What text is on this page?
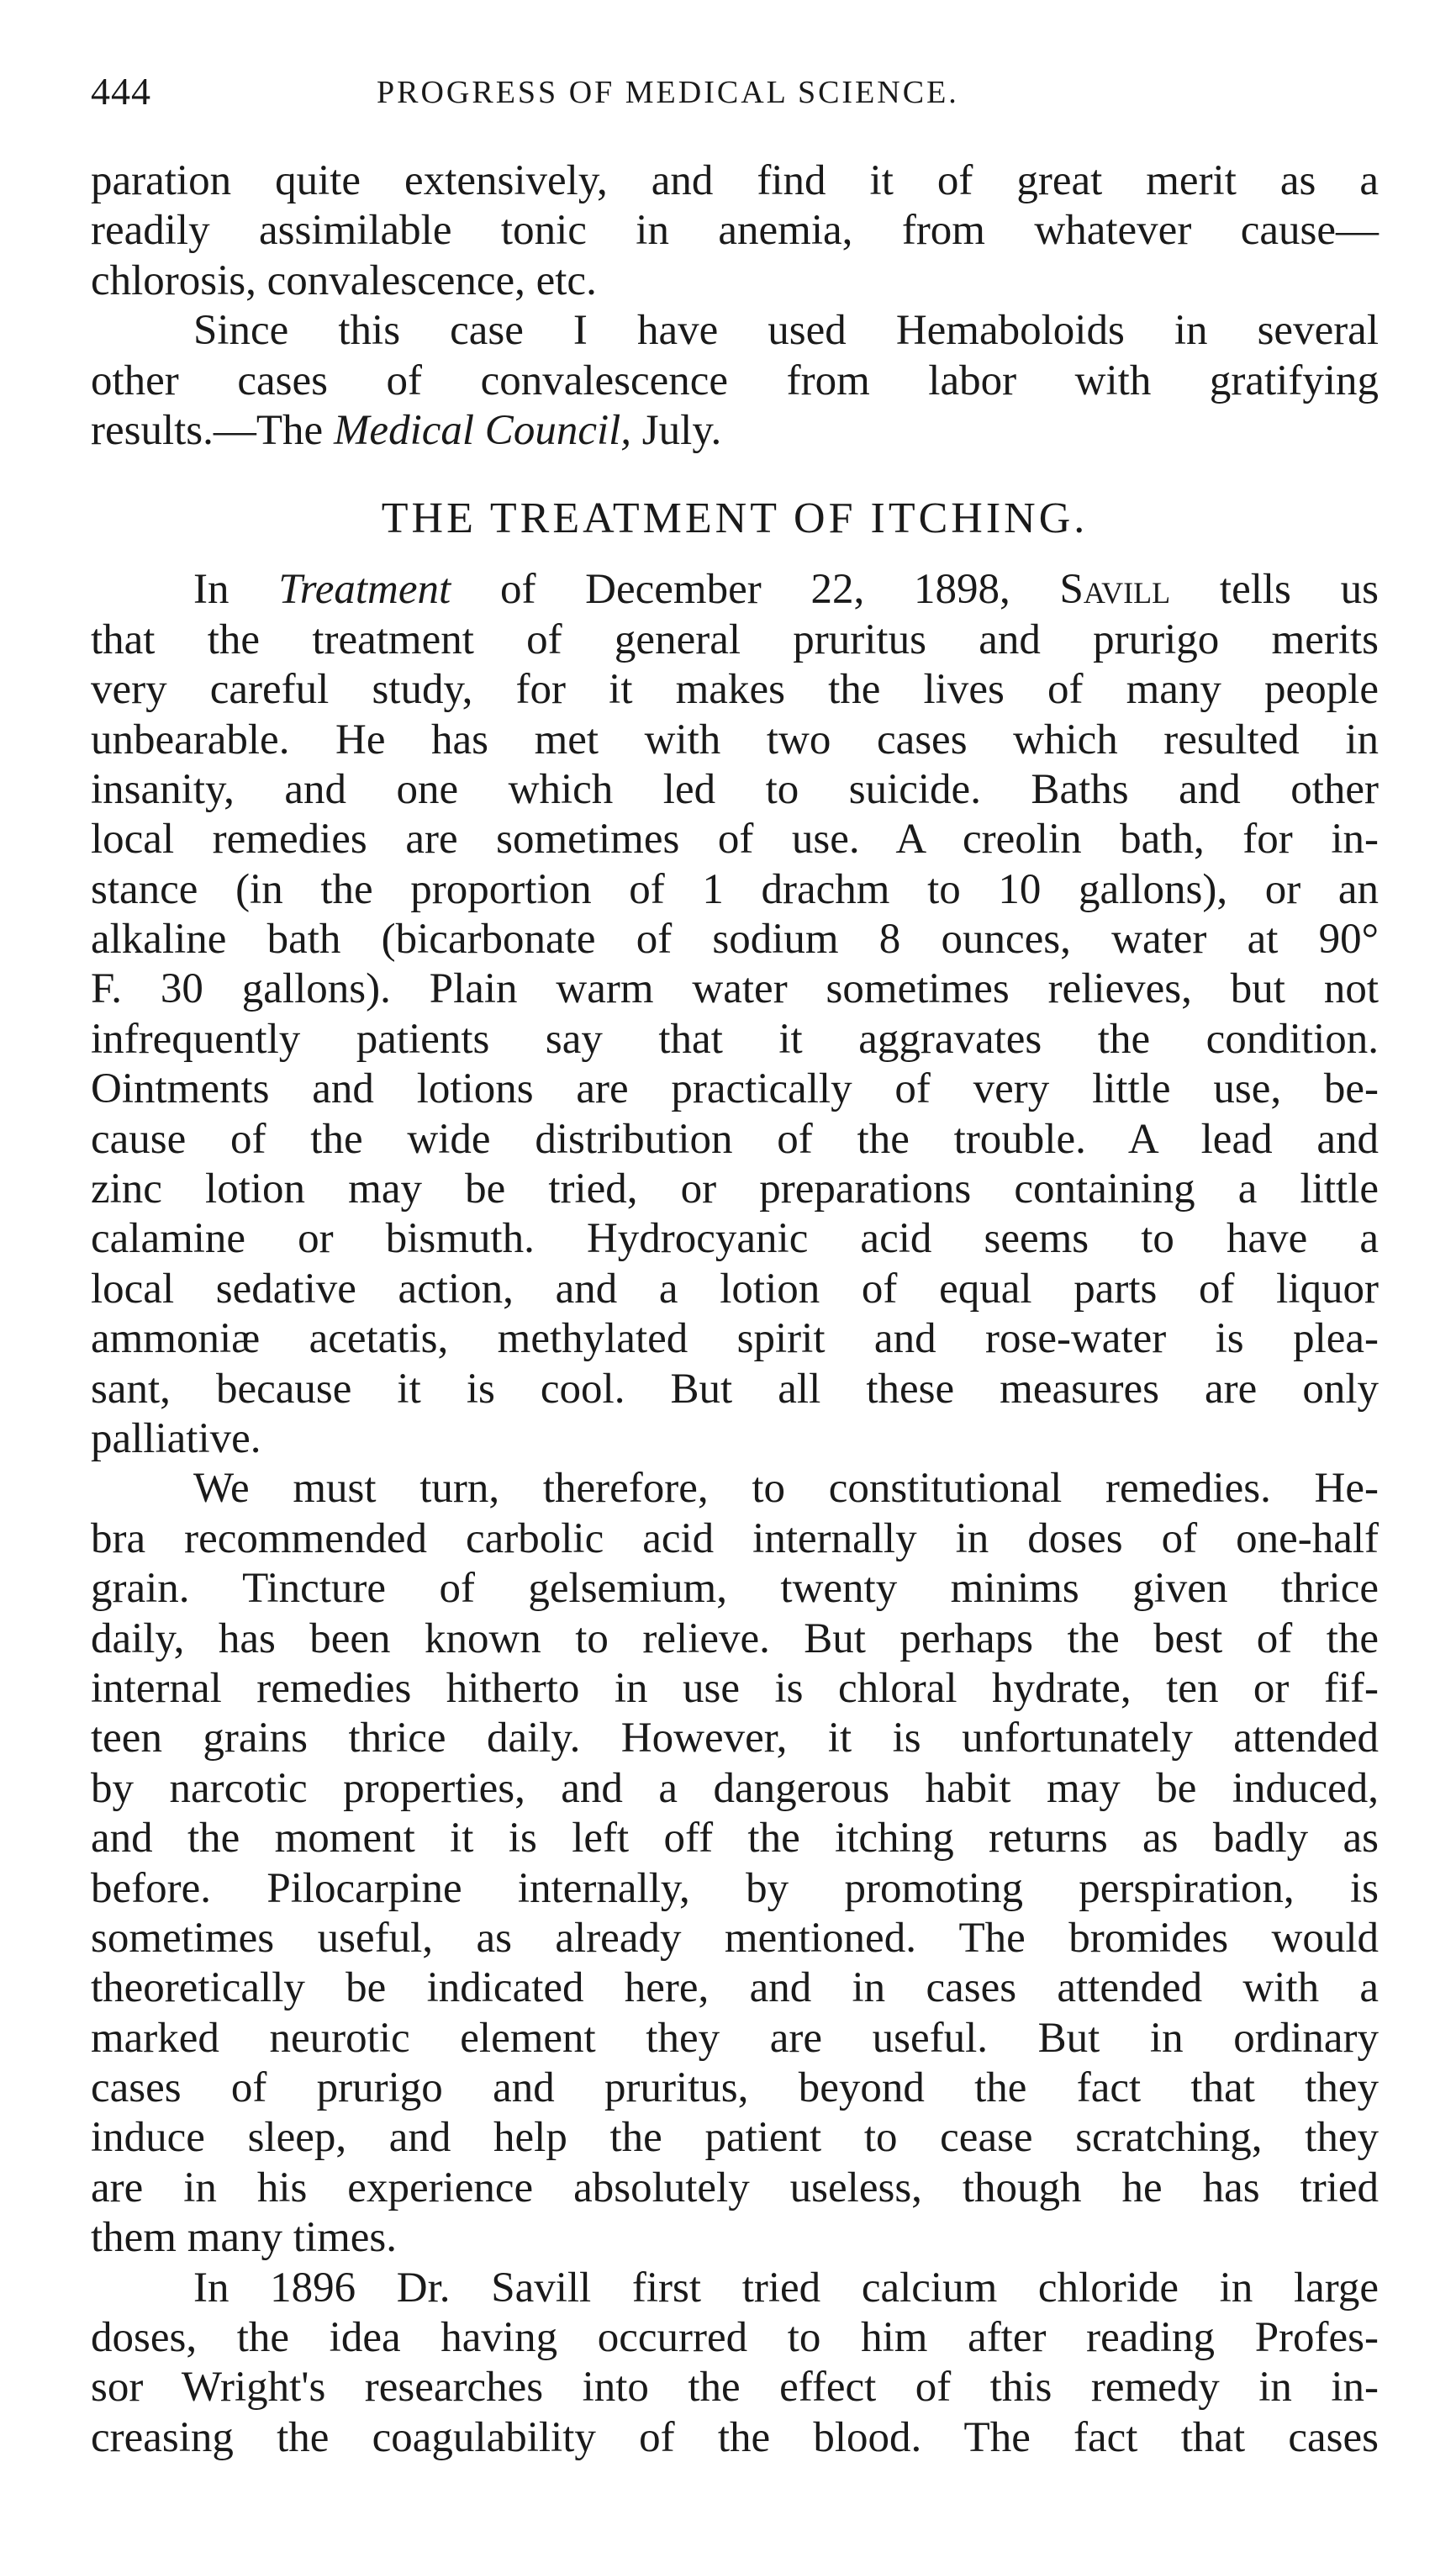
444	PROGRESS OF MEDICAL SCIENCE.
paration quite extensively, and find it of great merit as a
readily assimilable tonic in anemia, from whatever cause—
chlorosis, convalescence, etc.
Since this case I have used Hemaboloids in several
other cases of convalescence from labor with gratifying
results.—The Medical Council, July.
THE TREATMENT OF ITCHING.
In Treatment of December 22, 1898, Savill tells us
that the treatment of general pruritus and prurigo merits
very careful study, for it makes the lives of many people
unbearable. He has met with two cases which resulted in
insanity, and one which led to suicide. Baths and other
local remedies are sometimes of use. A creolin bath, for in-
stance (in the proportion of 1 drachm to 10 gallons), or an
alkaline bath (bicarbonate of sodium 8 ounces, water at 90°
F. 30 gallons). Plain warm water sometimes relieves, but not
infrequently patients say that it aggravates the condition.
Ointments and lotions are practically of very little use, be-
cause of the wide distribution of the trouble. A lead and
zinc lotion may be tried, or preparations containing a little
calamine or bismuth. Hydrocyanic acid seems to have a
local sedative action, and a lotion of equal parts of liquor
ammoniæ acetatis, methylated spirit and rose-water is plea-
sant, because it is cool. But all these measures are only
palliative.
We must turn, therefore, to constitutional remedies. He-
bra recommended carbolic acid internally in doses of one-half
grain. Tincture of gelsemium, twenty minims given thrice
daily, has been known to relieve. But perhaps the best of the
internal remedies hitherto in use is chloral hydrate, ten or fif-
teen grains thrice daily. However, it is unfortunately attended
by narcotic properties, and a dangerous habit may be induced,
and the moment it is left off the itching returns as badly as
before. Pilocarpine internally, by promoting perspiration, is
sometimes useful, as already mentioned. The bromides would
theoretically be indicated here, and in cases attended with a
marked neurotic element they are useful. But in ordinary
cases of prurigo and pruritus, beyond the fact that they
induce sleep, and help the patient to cease scratching, they
are in his experience absolutely useless, though he has tried
them many times.
In 1896 Dr. Savill first tried calcium chloride in large
doses, the idea having occurred to him after reading Profes-
sor Wright's researches into the effect of this remedy in in-
creasing the coagulability of the blood. The fact that cases
